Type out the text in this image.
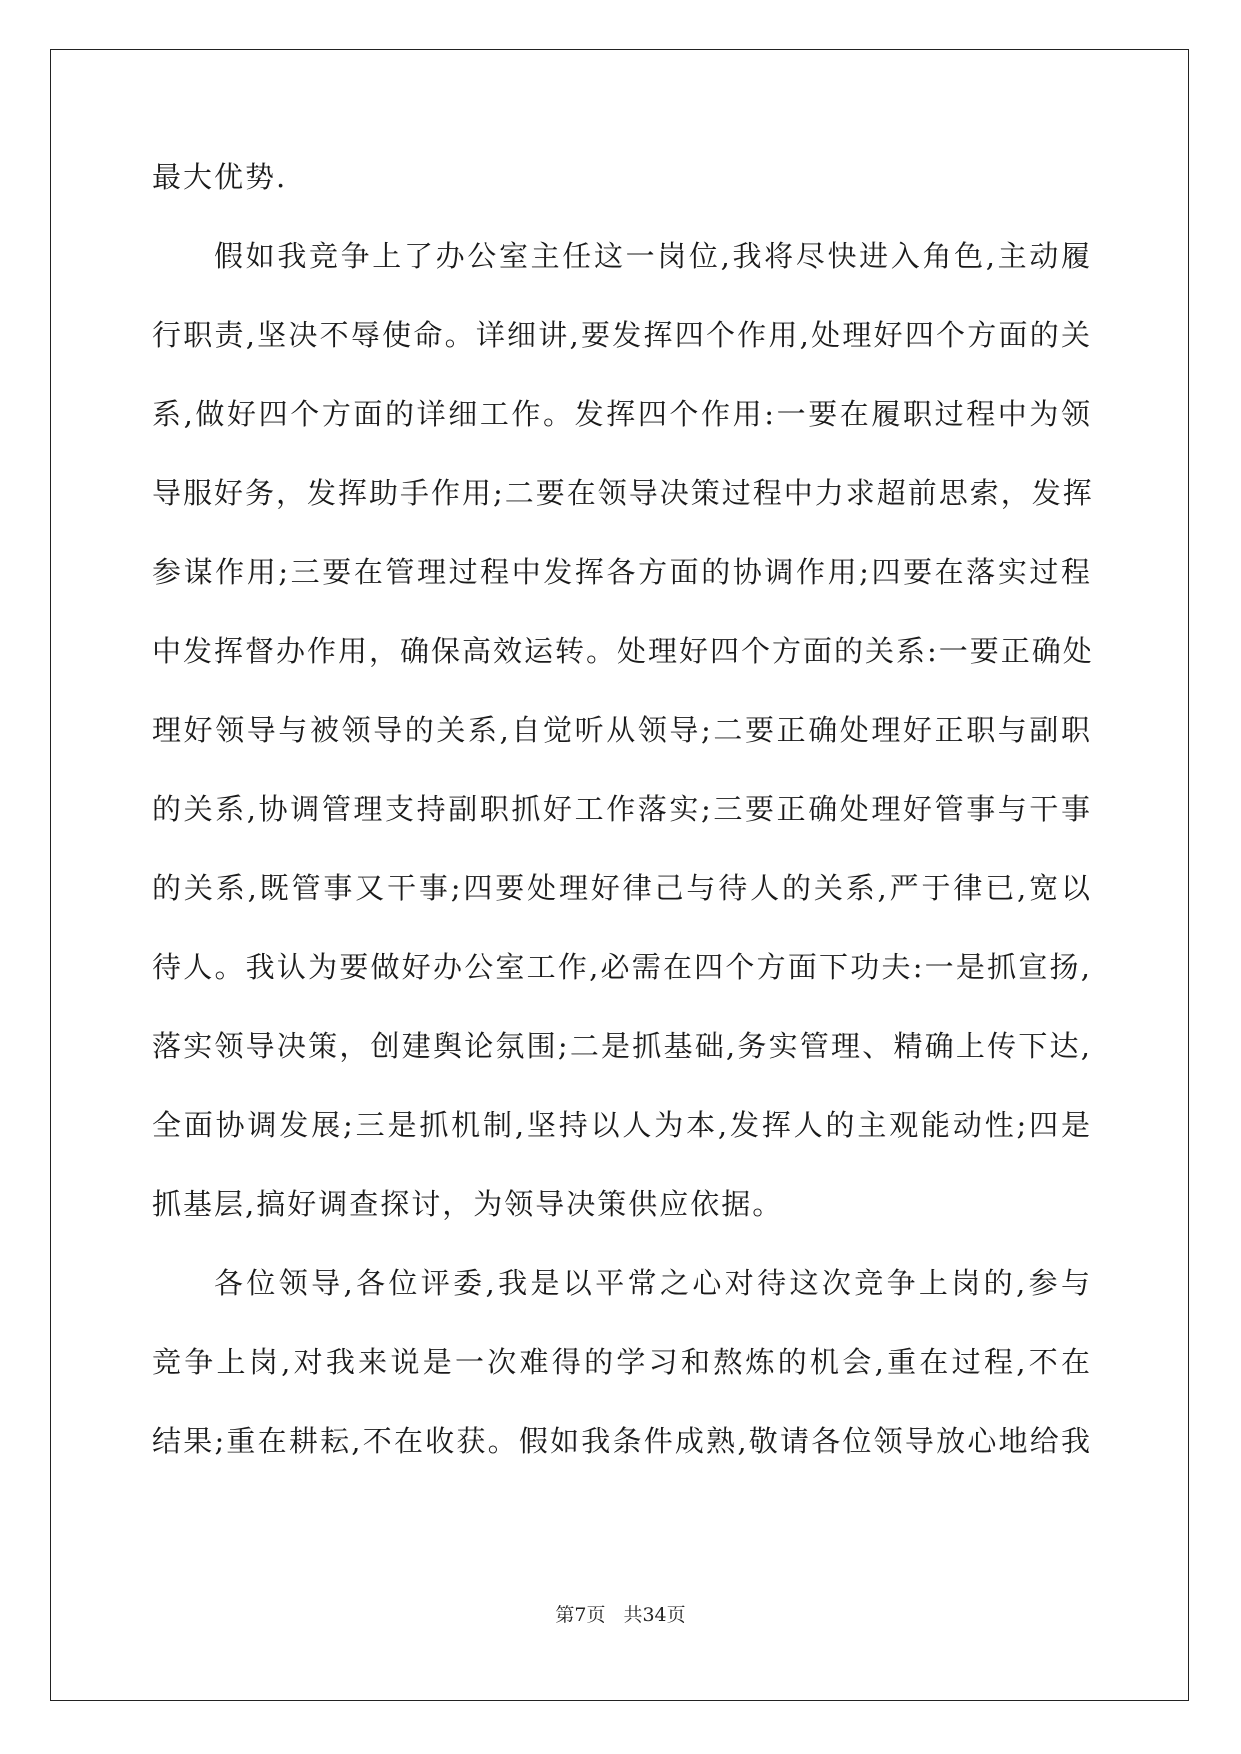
最大优势.
假如我竞争上了办公室主任这一岗位,我将尽快进入角色,主动履
行职责,坚决不辱使命。详细讲,要发挥四个作用,处理好四个方面的关
系,做好四个方面的详细工作。发挥四个作用:一要在履职过程中为领
导服好务，发挥助手作用;二要在领导决策过程中力求超前思索，发挥
参谋作用;三要在管理过程中发挥各方面的协调作用;四要在落实过程
中发挥督办作用，确保高效运转。处理好四个方面的关系:一要正确处
理好领导与被领导的关系,自觉听从领导;二要正确处理好正职与副职
的关系,协调管理支持副职抓好工作落实;三要正确处理好管事与干事
的关系,既管事又干事;四要处理好律己与待人的关系,严于律已,宽以
待人。我认为要做好办公室工作,必需在四个方面下功夫:一是抓宣扬,
落实领导决策，创建舆论氛围;二是抓基础,务实管理、精确上传下达,
全面协调发展;三是抓机制,坚持以人为本,发挥人的主观能动性;四是
抓基层,搞好调查探讨，为领导决策供应依据。
各位领导,各位评委,我是以平常之心对待这次竞争上岗的,参与
竞争上岗,对我来说是一次难得的学习和熬炼的机会,重在过程,不在
结果;重在耕耘,不在收获。假如我条件成熟,敬请各位领导放心地给我
第7页 共34页
